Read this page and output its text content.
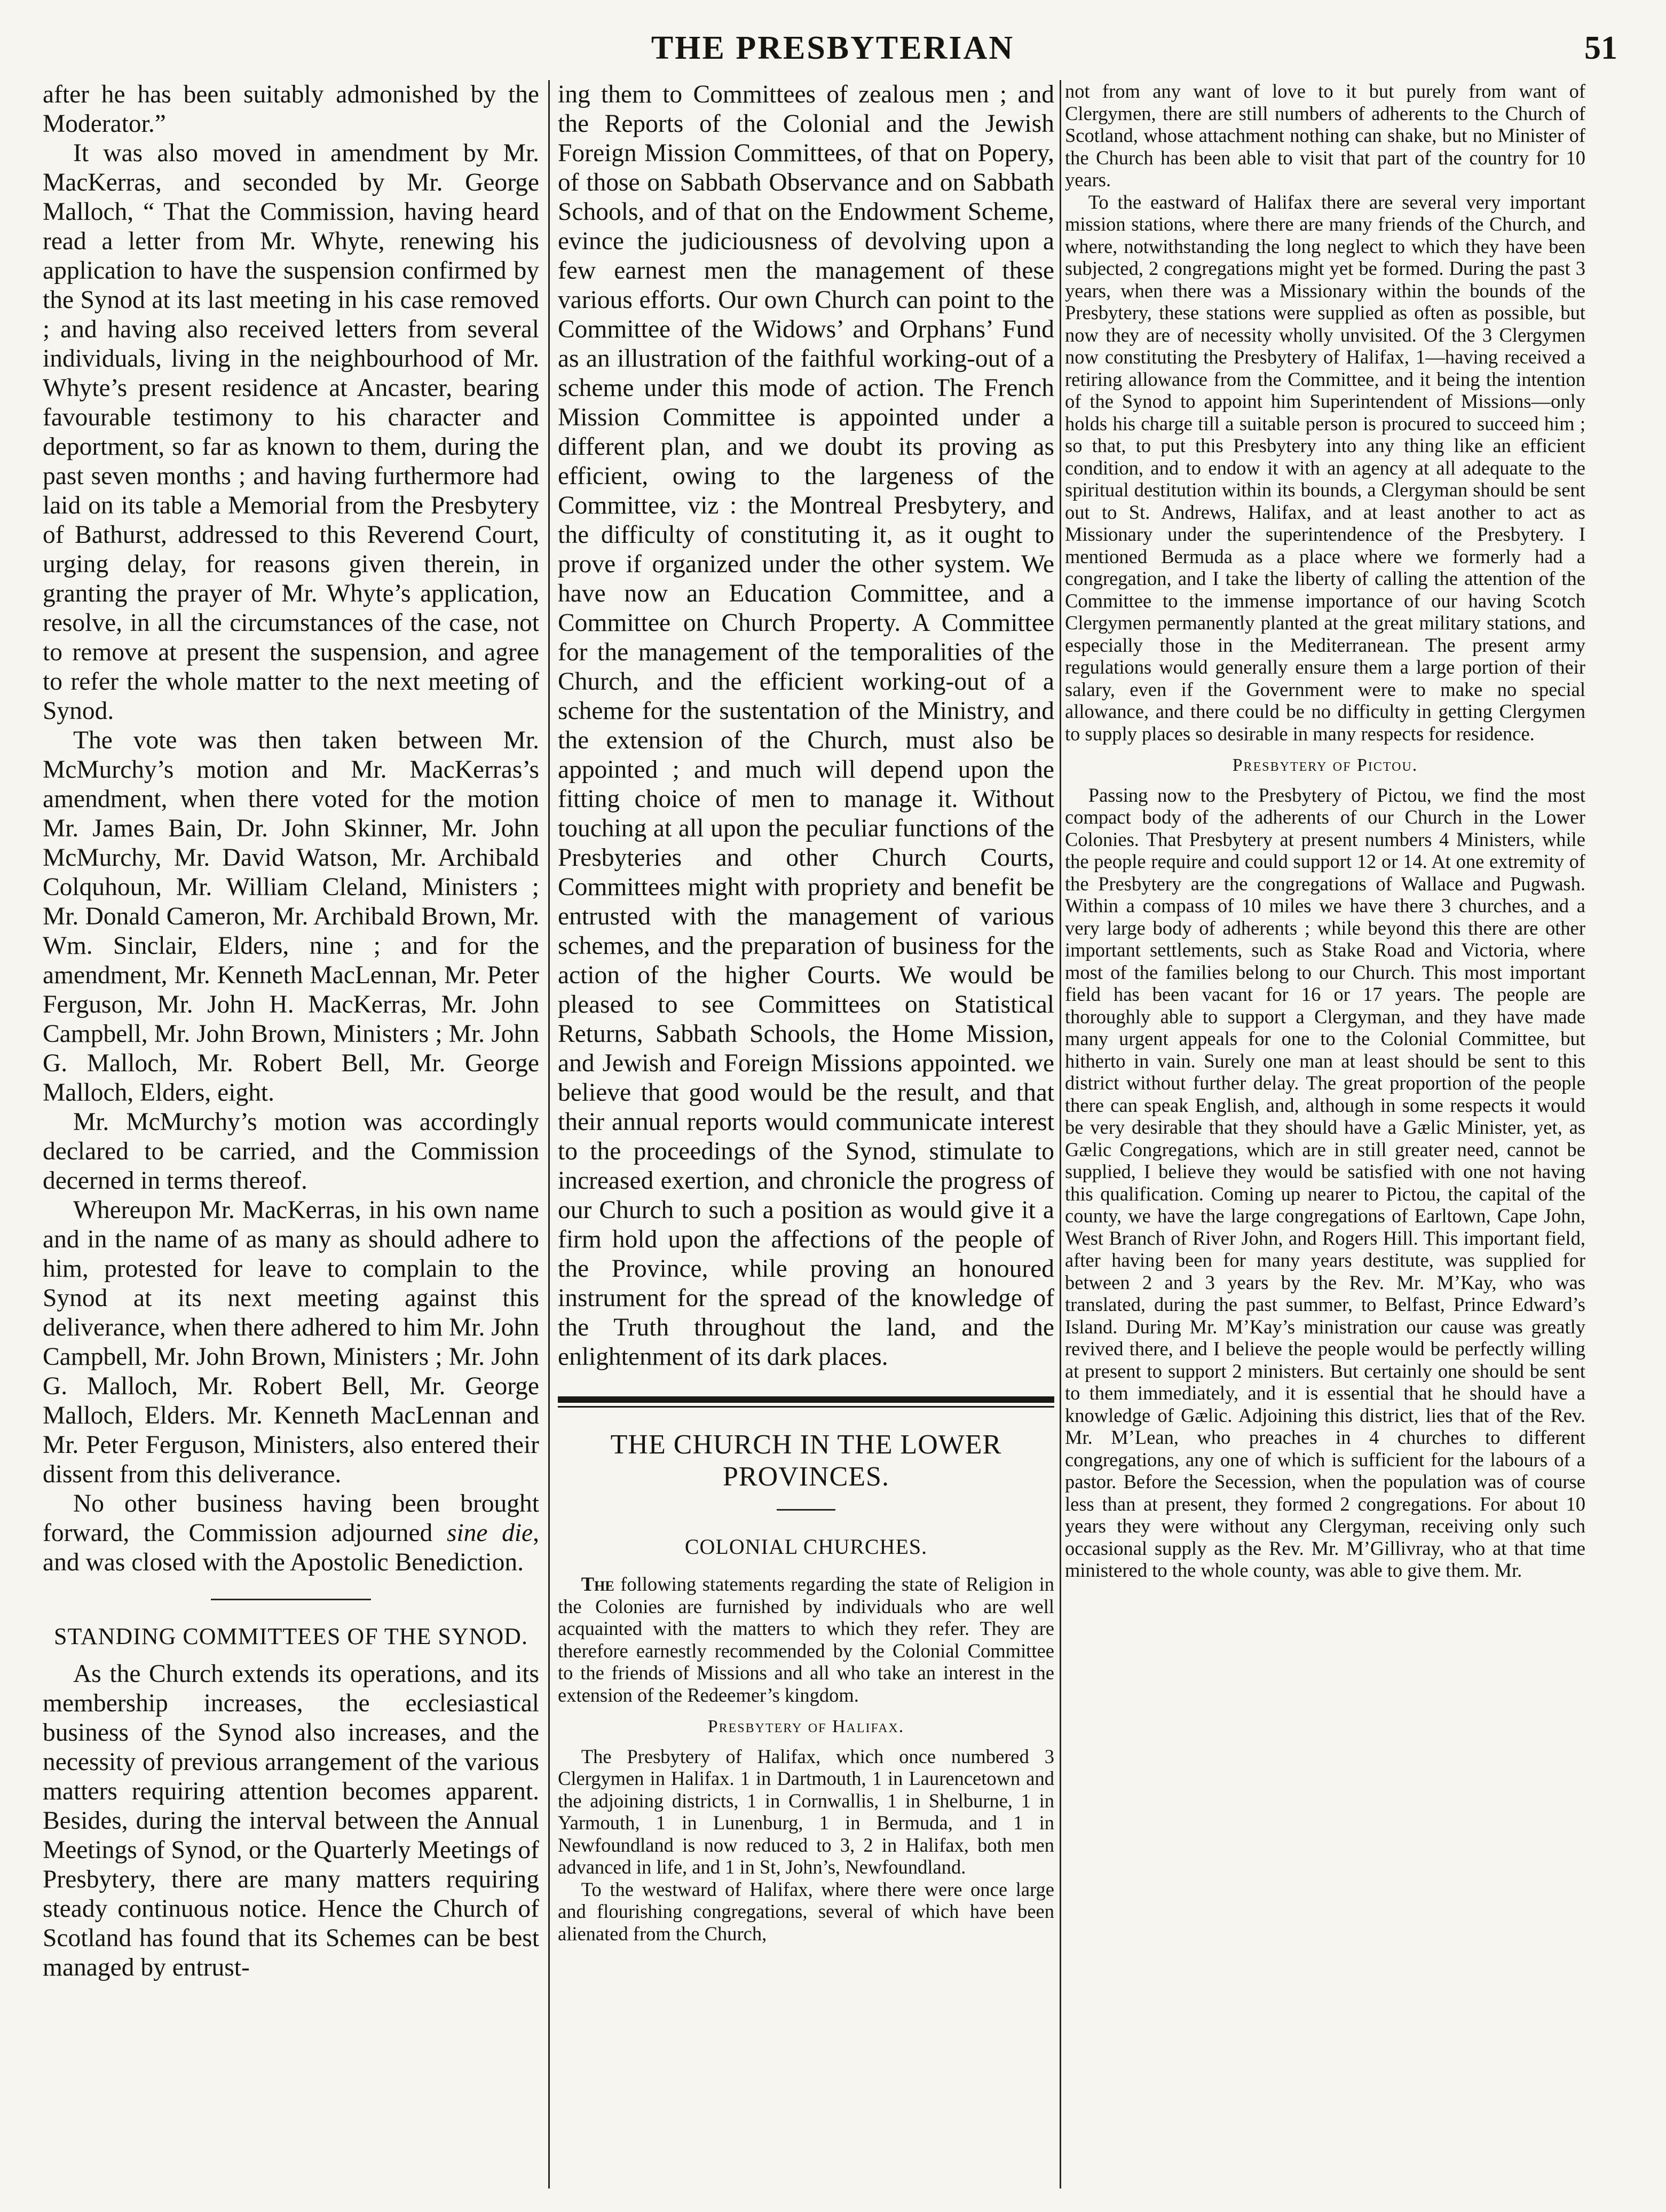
THE PRESBYTERIAN	51

after he has been suitably admonished by the Moderator.”

It was also moved in amendment by Mr. MacKerras, and seconded by Mr. George Malloch, “ That the Commission, having heard read a letter from Mr. Whyte, renewing his application to have the suspension confirmed by the Synod at its last meeting in his case removed ; and having also received letters from several individuals, living in the neighbourhood of Mr. Whyte’s present residence at Ancaster, bearing favourable testimony to his character and deportment, so far as known to them, during the past seven months ; and having furthermore had laid on its table a Memorial from the Presbytery of Bathurst, addressed to this Reverend Court, urging delay, for reasons given therein, in granting the prayer of Mr. Whyte’s application, resolve, in all the circumstances of the case, not to remove at present the suspension, and agree to refer the whole matter to the next meeting of Synod.

The vote was then taken between Mr. McMurchy’s motion and Mr. MacKerras’s amendment, when there voted for the motion Mr. James Bain, Dr. John Skinner, Mr. John McMurchy, Mr. David Watson, Mr. Archibald Colquhoun, Mr. William Cleland, Ministers ; Mr. Donald Cameron, Mr. Archibald Brown, Mr. Wm. Sinclair, Elders, nine ; and for the amendment, Mr. Kenneth MacLennan, Mr. Peter Ferguson, Mr. John H. MacKerras, Mr. John Campbell, Mr. John Brown, Ministers ; Mr. John G. Malloch, Mr. Robert Bell, Mr. George Malloch, Elders, eight.

Mr. McMurchy’s motion was accordingly declared to be carried, and the Commission decerned in terms thereof.

Whereupon Mr. MacKerras, in his own name and in the name of as many as should adhere to him, protested for leave to complain to the Synod at its next meeting against this deliverance, when there adhered to him Mr. John Campbell, Mr. John Brown, Ministers ; Mr. John G. Malloch, Mr. Robert Bell, Mr. George Malloch, Elders. Mr. Kenneth MacLennan and Mr. Peter Ferguson, Ministers, also entered their dissent from this deliverance.

No other business having been brought forward, the Commission adjourned sine die, and was closed with the Apostolic Benediction.

STANDING COMMITTEES OF THE SYNOD.

As the Church extends its operations, and its membership increases, the ecclesiastical business of the Synod also increases, and the necessity of previous arrangement of the various matters requiring attention becomes apparent. Besides, during the interval between the Annual Meetings of Synod, or the Quarterly Meetings of Presbytery, there are many matters requiring steady continuous notice. Hence the Church of Scotland has found that its Schemes can be best managed by entrust-

ing them to Committees of zealous men ; and the Reports of the Colonial and the Jewish Foreign Mission Committees, of that on Popery, of those on Sabbath Observance and on Sabbath Schools, and of that on the Endowment Scheme, evince the judiciousness of devolving upon a few earnest men the management of these various efforts. Our own Church can point to the Committee of the Widows’ and Orphans’ Fund as an illustration of the faithful working-out of a scheme under this mode of action. The French Mission Committee is appointed under a different plan, and we doubt its proving as efficient, owing to the largeness of the Committee, viz : the Montreal Presbytery, and the difficulty of constituting it, as it ought to prove if organized under the other system. We have now an Education Committee, and a Committee on Church Property. A Committee for the management of the temporalities of the Church, and the efficient working-out of a scheme for the sustentation of the Ministry, and the extension of the Church, must also be appointed ; and much will depend upon the fitting choice of men to manage it. Without touching at all upon the peculiar functions of the Presbyteries and other Church Courts, Committees might with propriety and benefit be entrusted with the management of various schemes, and the preparation of business for the action of the higher Courts. We would be pleased to see Committees on Statistical Returns, Sabbath Schools, the Home Mission, and Jewish and Foreign Missions appointed. we believe that good would be the result, and that their annual reports would communicate interest to the proceedings of the Synod, stimulate to increased exertion, and chronicle the progress of our Church to such a position as would give it a firm hold upon the affections of the people of the Province, while proving an honoured instrument for the spread of the knowledge of the Truth throughout the land, and the enlightenment of its dark places.

THE CHURCH IN THE LOWER PROVINCES.
COLONIAL CHURCHES.

The following statements regarding the state of Religion in the Colonies are furnished by individuals who are well acquainted with the matters to which they refer. They are therefore earnestly recommended by the Colonial Committee to the friends of Missions and all who take an interest in the extension of the Redeemer’s kingdom.

Presbytery of Halifax.

The Presbytery of Halifax, which once numbered 3 Clergymen in Halifax. 1 in Dartmouth, 1 in Laurencetown and the adjoining districts, 1 in Cornwallis, 1 in Shelburne, 1 in Yarmouth, 1 in Lunenburg, 1 in Bermuda, and 1 in Newfoundland is now reduced to 3, 2 in Halifax, both men advanced in life, and 1 in St, John’s, Newfoundland.

To the westward of Halifax, where there were once large and flourishing congregations, several of which have been alienated from the Church,

not from any want of love to it but purely from want of Clergymen, there are still numbers of adherents to the Church of Scotland, whose attachment nothing can shake, but no Minister of the Church has been able to visit that part of the country for 10 years.

To the eastward of Halifax there are several very important mission stations, where there are many friends of the Church, and where, notwithstanding the long neglect to which they have been subjected, 2 congregations might yet be formed. During the past 3 years, when there was a Missionary within the bounds of the Presbytery, these stations were supplied as often as possible, but now they are of necessity wholly unvisited. Of the 3 Clergymen now constituting the Presbytery of Halifax, 1—having received a retiring allowance from the Committee, and it being the intention of the Synod to appoint him Superintendent of Missions—only holds his charge till a suitable person is procured to succeed him ; so that, to put this Presbytery into any thing like an efficient condition, and to endow it with an agency at all adequate to the spiritual destitution within its bounds, a Clergyman should be sent out to St. Andrews, Halifax, and at least another to act as Missionary under the superintendence of the Presbytery. I mentioned Bermuda as a place where we formerly had a congregation, and I take the liberty of calling the attention of the Committee to the immense importance of our having Scotch Clergymen permanently planted at the great military stations, and especially those in the Mediterranean. The present army regulations would generally ensure them a large portion of their salary, even if the Government were to make no special allowance, and there could be no difficulty in getting Clergymen to supply places so desirable in many respects for residence.

Presbytery of Pictou.

Passing now to the Presbytery of Pictou, we find the most compact body of the adherents of our Church in the Lower Colonies. That Presbytery at present numbers 4 Ministers, while the people require and could support 12 or 14. At one extremity of the Presbytery are the congregations of Wallace and Pugwash. Within a compass of 10 miles we have there 3 churches, and a very large body of adherents ; while beyond this there are other important settlements, such as Stake Road and Victoria, where most of the families belong to our Church. This most important field has been vacant for 16 or 17 years. The people are thoroughly able to support a Clergyman, and they have made many urgent appeals for one to the Colonial Committee, but hitherto in vain. Surely one man at least should be sent to this district without further delay. The great proportion of the people there can speak English, and, although in some respects it would be very desirable that they should have a Gælic Minister, yet, as Gælic Congregations, which are in still greater need, cannot be supplied, I believe they would be satisfied with one not having this qualification. Coming up nearer to Pictou, the capital of the county, we have the large congregations of Earltown, Cape John, West Branch of River John, and Rogers Hill. This important field, after having been for many years destitute, was supplied for between 2 and 3 years by the Rev. Mr. M’Kay, who was translated, during the past summer, to Belfast, Prince Edward’s Island. During Mr. M’Kay’s ministration our cause was greatly revived there, and I believe the people would be perfectly willing at present to support 2 ministers. But certainly one should be sent to them immediately, and it is essential that he should have a knowledge of Gælic. Adjoining this district, lies that of the Rev. Mr. M’Lean, who preaches in 4 churches to different congregations, any one of which is sufficient for the labours of a pastor. Before the Secession, when the population was of course less than at present, they formed 2 congregations. For about 10 years they were without any Clergyman, receiving only such occasional supply as the Rev. Mr. M’Gillivray, who at that time ministered to the whole county, was able to give them. Mr.
